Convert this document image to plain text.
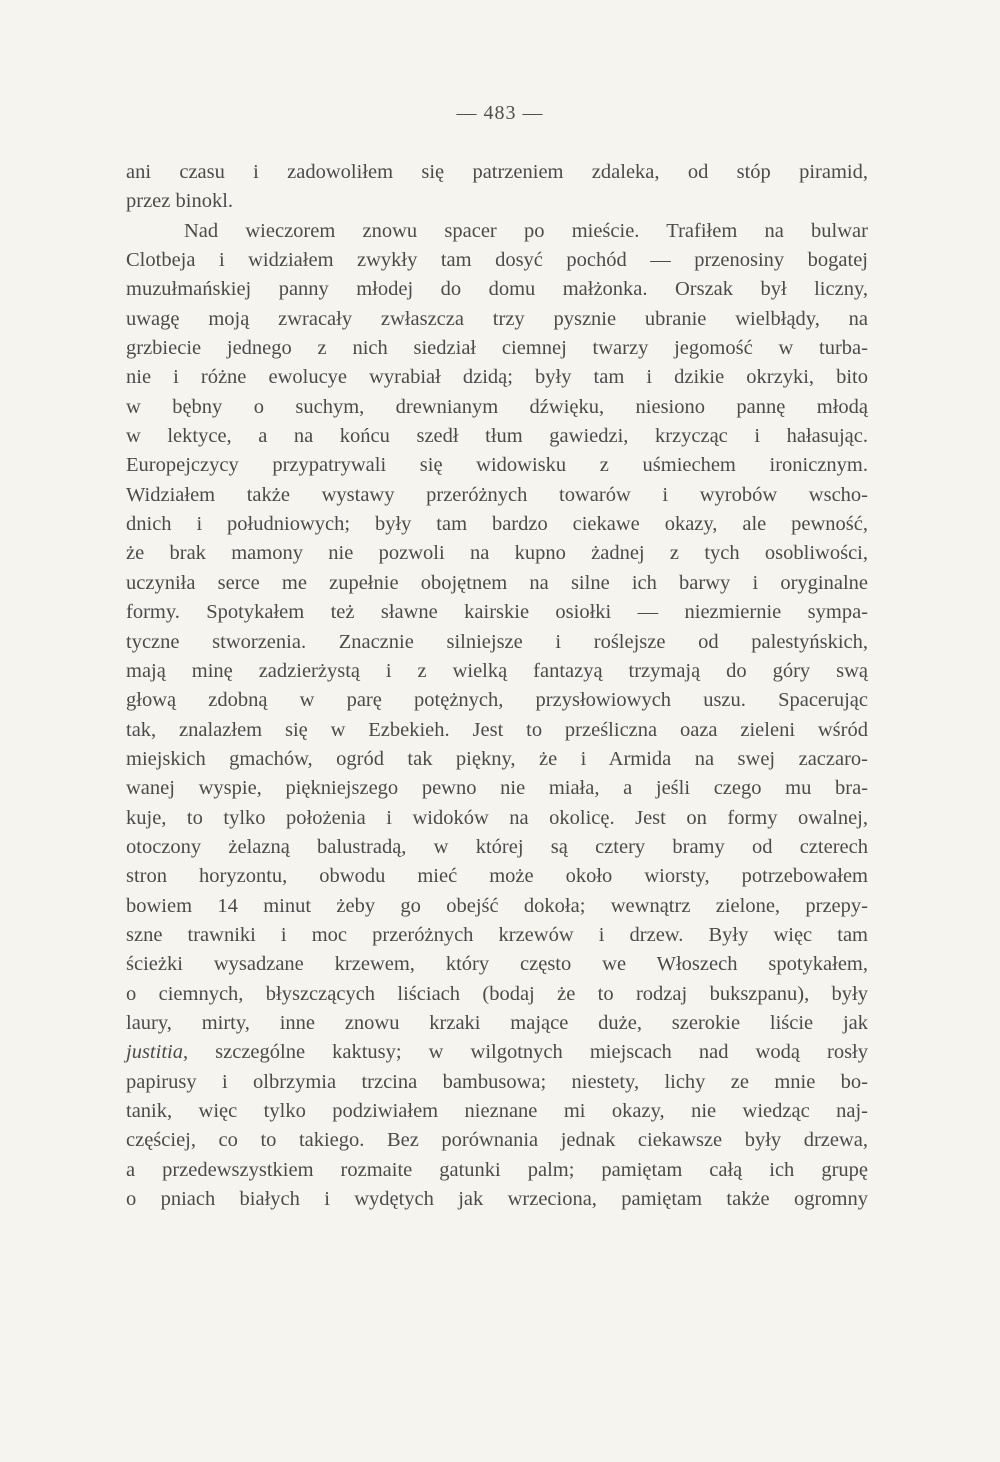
— 483 —
ani czasu i zadowoliłem się patrzeniem zdaleka, od stóp piramid,
przez binokl.
Nad wieczorem znowu spacer po mieście. Trafiłem na bulwar
Clotbeja i widziałem zwykły tam dosyć pochód — przenosiny bogatej
muzułmańskiej panny młodej do domu małżonka. Orszak był liczny,
uwagę moją zwracały zwłaszcza trzy pysznie ubranie wielbłądy, na
grzbiecie jednego z nich siedział ciemnej twarzy jegomość w turba-
nie i różne ewolucye wyrabiał dzidą; były tam i dzikie okrzyki, bito
w bębny o suchym, drewnianym dźwięku, niesiono pannę młodą
w lektyce, a na końcu szedł tłum gawiedzi, krzycząc i hałasując.
Europejczycy przypatrywali się widowisku z uśmiechem ironicznym.
Widziałem także wystawy przeróżnych towarów i wyrobów wscho-
dnich i południowych; były tam bardzo ciekawe okazy, ale pewność,
że brak mamony nie pozwoli na kupno żadnej z tych osobliwości,
uczyniła serce me zupełnie obojętnem na silne ich barwy i oryginalne
formy. Spotykałem też sławne kairskie osiołki — niezmiernie sympa-
tyczne stworzenia. Znacznie silniejsze i roślejsze od palestyńskich,
mają minę zadzierżystą i z wielką fantazyą trzymają do góry swą
głową zdobną w parę potężnych, przysłowiowych uszu. Spacerując
tak, znalazłem się w Ezbekieh. Jest to prześliczna oaza zieleni wśród
miejskich gmachów, ogród tak piękny, że i Armida na swej zaczaro-
wanej wyspie, piękniejszego pewno nie miała, a jeśli czego mu bra-
kuje, to tylko położenia i widoków na okolicę. Jest on formy owalnej,
otoczony żelazną balustradą, w której są cztery bramy od czterech
stron horyzontu, obwodu mieć może około wiorsty, potrzebowałem
bowiem 14 minut żeby go obejść dokoła; wewnątrz zielone, przepy-
szne trawniki i moc przeróżnych krzewów i drzew. Były więc tam
ścieżki wysadzane krzewem, który często we Włoszech spotykałem,
o ciemnych, błyszczących liściach (bodaj że to rodzaj bukszpanu), były
laury, mirty, inne znowu krzaki mające duże, szerokie liście jak
justitia, szczególne kaktusy; w wilgotnych miejscach nad wodą rosły
papirusy i olbrzymia trzcina bambusowa; niestety, lichy ze mnie bo-
tanik, więc tylko podziwiałem nieznane mi okazy, nie wiedząc naj-
częściej, co to takiego. Bez porównania jednak ciekawsze były drzewa,
a przedewszystkiem rozmaite gatunki palm; pamiętam całą ich grupę
o pniach białych i wydętych jak wrzeciona, pamiętam także ogromny
